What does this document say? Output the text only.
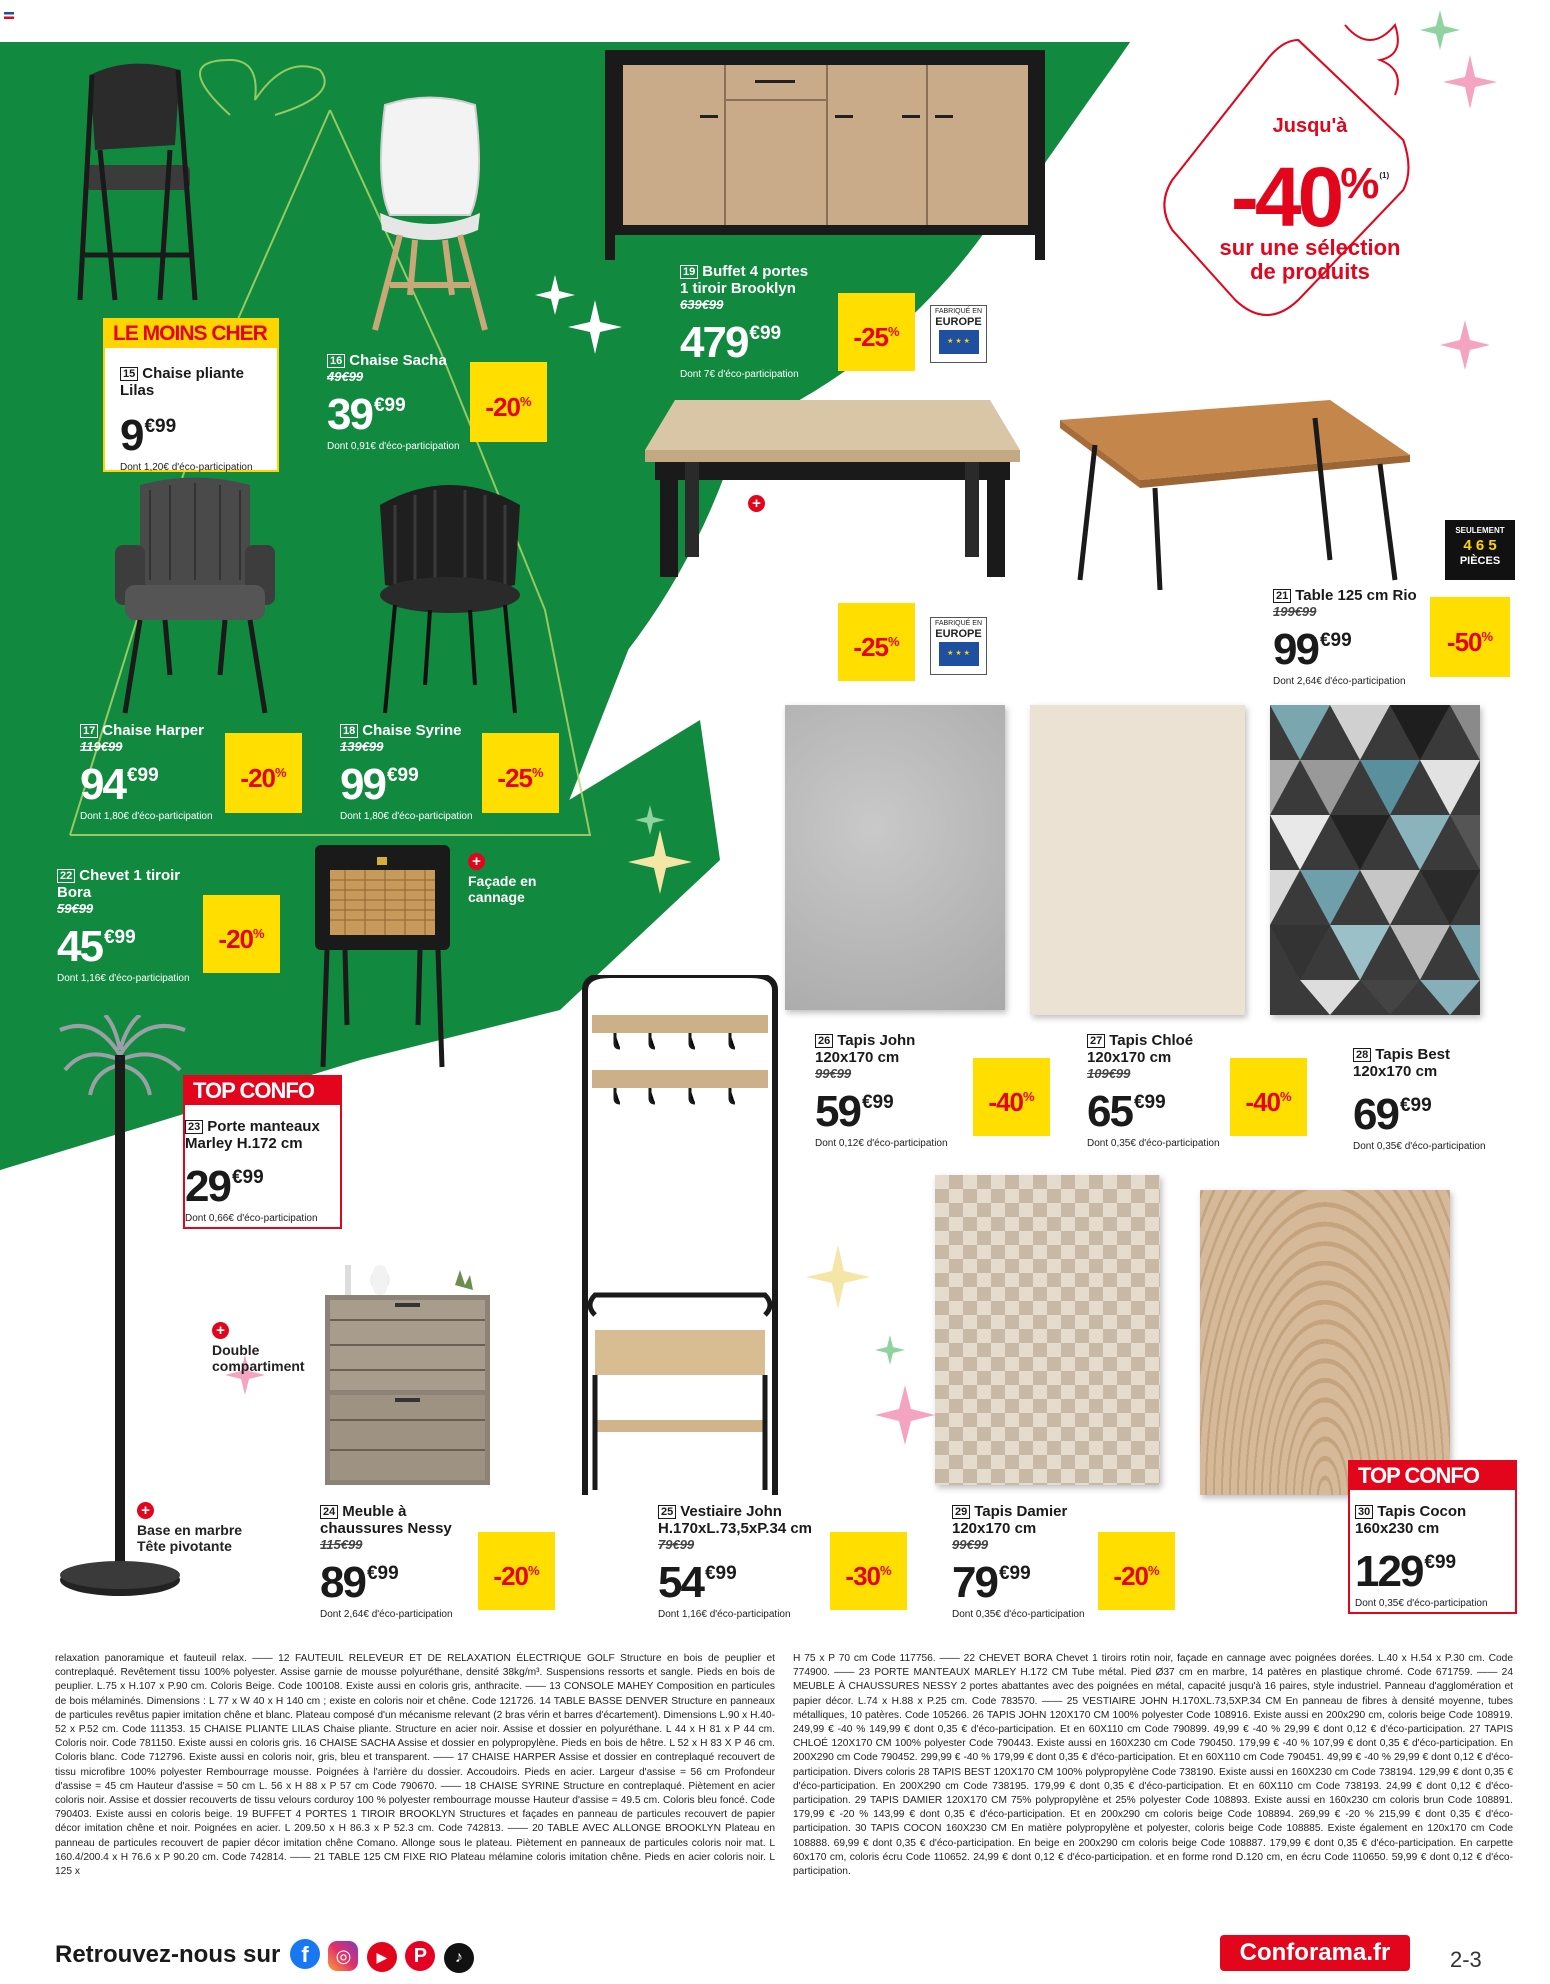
Jusqu'à
$-40^{\%(1)}$
sur une sélection
de produits
LE MOINS CHER
TOP CONFO
TOP CONFO
SEULEMENT
4 6 5
PIÈCES
FABRIQUÉ EN
EUROPE
★ ★ ★
FABRIQUÉ EN
EUROPE
★ ★ ★
+
Extensible de 160 cm
à 200 cm.
+
Façade en
cannage
+
Double
compartiment
+
Base en marbre
Tête pivotante
15 Chaise pliante
Lilas
9 $^{€99}$
Dont 1,20€ d'éco-participation
16 Chaise Sacha
49€99
39 $^{€99}$
Dont 0,91€ d'éco-participation
-20%
19 Buffet 4 portes
1 tiroir Brooklyn
639€99
479 $^{€99}$
Dont 7€ d'éco-participation
-25%
17 Chaise Harper
119€99
94 $^{€99}$
Dont 1,80€ d'éco-participation
-20%
18 Chaise Syrine
139€99
99 $^{€99}$
Dont 1,80€ d'éco-participation
-25%
20 Table extensible
Brooklyn
399€99
299 $^{€99}$
Dont 4,20€ d'éco-participation
-25%
21 Table 125 cm Rio
199€99
99 $^{€99}$
Dont 2,64€ d'éco-participation
-50%
22 Chevet 1 tiroir
Bora
59€99
45 $^{€99}$
Dont 1,16€ d'éco-participation
-20%
23 Porte manteaux
Marley H.172 cm
29 $^{€99}$
Dont 0,66€ d'éco-participation
26 Tapis John
120x170 cm
99€99
59 $^{€99}$
Dont 0,12€ d'éco-participation
-40%
27 Tapis Chloé
120x170 cm
109€99
65 $^{€99}$
Dont 0,35€ d'éco-participation
-40%
28 Tapis Best
120x170 cm
69 $^{€99}$
Dont 0,35€ d'éco-participation
24 Meuble à
chaussures Nessy
115€99
89 $^{€99}$
Dont 2,64€ d'éco-participation
-20%
25 Vestiaire John
H.170xL.73,5xP.34 cm
79€99
54 $^{€99}$
Dont 1,16€ d'éco-participation
-30%
29 Tapis Damier
120x170 cm
99€99
79 $^{€99}$
Dont 0,35€ d'éco-participation
-20%
30 Tapis Cocon
160x230 cm
129 $^{€99}$
Dont 0,35€ d'éco-participation
relaxation panoramique et fauteuil relax. —— 12 FAUTEUIL RELEVEUR ET DE RELAXATION ÉLECTRIQUE GOLF Structure en bois de peuplier et contreplaqué. Revêtement tissu 100% polyester. Assise garnie de mousse polyuréthane, densité 38kg/m³. Suspensions ressorts et sangle. Pieds en bois de peuplier. L.75 x H.107 x P.90 cm. Coloris Beige. Code 100108. Existe aussi en coloris gris, anthracite. —— 13 CONSOLE MAHEY Composition en particules de bois mélaminés. Dimensions : L 77 x W 40 x H 140 cm ; existe en coloris noir et chêne. Code 121726. 14 TABLE BASSE DENVER Structure en panneaux de particules revêtus papier imitation chêne et blanc. Plateau composé d'un mécanisme relevant (2 bras vérin et barres d'écartement). Dimensions L.90 x H.40-52 x P.52 cm. Code 111353. 15 CHAISE PLIANTE LILAS Chaise pliante. Structure en acier noir. Assise et dossier en polyuréthane. L 44 x H 81 x P 44 cm. Coloris noir. Code 781150. Existe aussi en coloris gris. 16 CHAISE SACHA Assise et dossier en polypropylène. Pieds en bois de hêtre. L 52 x H 83 X P 46 cm. Coloris blanc. Code 712796. Existe aussi en coloris noir, gris, bleu et transparent. —— 17 CHAISE HARPER Assise et dossier en contreplaqué recouvert de tissu microfibre 100% polyester Rembourrage mousse. Poignées à l'arrière du dossier. Accoudoirs. Pieds en acier. Largeur d'assise = 56 cm Profondeur d'assise = 45 cm Hauteur d'assise = 50 cm L. 56 x H 88 x P 57 cm Code 790670. —— 18 CHAISE SYRINE Structure en contreplaqué. Piètement en acier coloris noir. Assise et dossier recouverts de tissu velours corduroy 100 % polyester rembourrage mousse Hauteur d'assise = 49.5 cm. Coloris bleu foncé. Code 790403. Existe aussi en coloris beige. 19 BUFFET 4 PORTES 1 TIROIR BROOKLYN Structures et façades en panneau de particules recouvert de papier décor imitation chêne et noir. Poignées en acier. L 209.50 x H 86.3 x P 52.3 cm. Code 742813. —— 20 TABLE AVEC ALLONGE BROOKLYN Plateau en panneau de particules recouvert de papier décor imitation chêne Comano. Allonge sous le plateau. Piètement en panneaux de particules coloris noir mat. L 160.4/200.4 x H 76.6 x P 90.20 cm. Code 742814. —— 21 TABLE 125 CM FIXE RIO Plateau mélamine coloris imitation chêne. Pieds en acier coloris noir. L 125 x
H 75 x P 70 cm Code 117756. —— 22 CHEVET BORA Chevet 1 tiroirs rotin noir, façade en cannage avec poignées dorées. L.40 x H.54 x P.30 cm. Code 774900. —— 23 PORTE MANTEAUX MARLEY H.172 CM Tube métal. Pied Ø37 cm en marbre, 14 patères en plastique chromé. Code 671759. —— 24 MEUBLE À CHAUSSURES NESSY 2 portes abattantes avec des poignées en métal, capacité jusqu'à 16 paires, style industriel. Panneau d'agglomération et papier décor. L.74 x H.88 x P.25 cm. Code 783570. —— 25 VESTIAIRE JOHN H.170XL.73,5XP.34 CM En panneau de fibres à densité moyenne, tubes métalliques, 10 patères. Code 105266. 26 TAPIS JOHN 120X170 CM 100% polyester Code 108916. Existe aussi en 200x290 cm, coloris beige Code 108919. 249,99 € -40 % 149,99 € dont 0,35 € d'éco-participation. Et en 60X110 cm Code 790899. 49,99 € -40 % 29,99 € dont 0,12 € d'éco-participation. 27 TAPIS CHLOÉ 120X170 CM 100% polyester Code 790443. Existe aussi en 160X230 cm Code 790450. 179,99 € -40 % 107,99 € dont 0,35 € d'éco-participation. En 200X290 cm Code 790452. 299,99 € -40 % 179,99 € dont 0,35 € d'éco-participation. Et en 60X110 cm Code 790451. 49,99 € -40 % 29,99 € dont 0,12 € d'éco-participation. Divers coloris 28 TAPIS BEST 120X170 CM 100% polypropylène Code 738190. Existe aussi en 160X230 cm Code 738194. 129,99 € dont 0,35 € d'éco-participation. En 200X290 cm Code 738195. 179,99 € dont 0,35 € d'éco-participation. Et en 60X110 cm Code 738193. 24,99 € dont 0,12 € d'éco-participation. 29 TAPIS DAMIER 120X170 CM 75% polypropylène et 25% polyester Code 108893. Existe aussi en 160x230 cm coloris brun Code 108891. 179,99 € -20 % 143,99 € dont 0,35 € d'éco-participation. Et en 200x290 cm coloris beige Code 108894. 269,99 € -20 % 215,99 € dont 0,35 € d'éco-participation. 30 TAPIS COCON 160X230 CM En matière polypropylène et polyester, coloris beige Code 108885. Existe également en 120x170 cm Code 108888. 69,99 € dont 0,35 € d'éco-participation. En beige en 200x290 cm coloris beige Code 108887. 179,99 € dont 0,35 € d'éco-participation. En carpette 60x170 cm, coloris écru Code 110652. 24,99 € dont 0,12 € d'éco-participation. et en forme rond D.120 cm, en écru Code 110650. 59,99 € dont 0,12 € d'éco-participation.
Retrouvez-nous sur f ◎ ▶ P ♪	Conforama.fr	2-3
